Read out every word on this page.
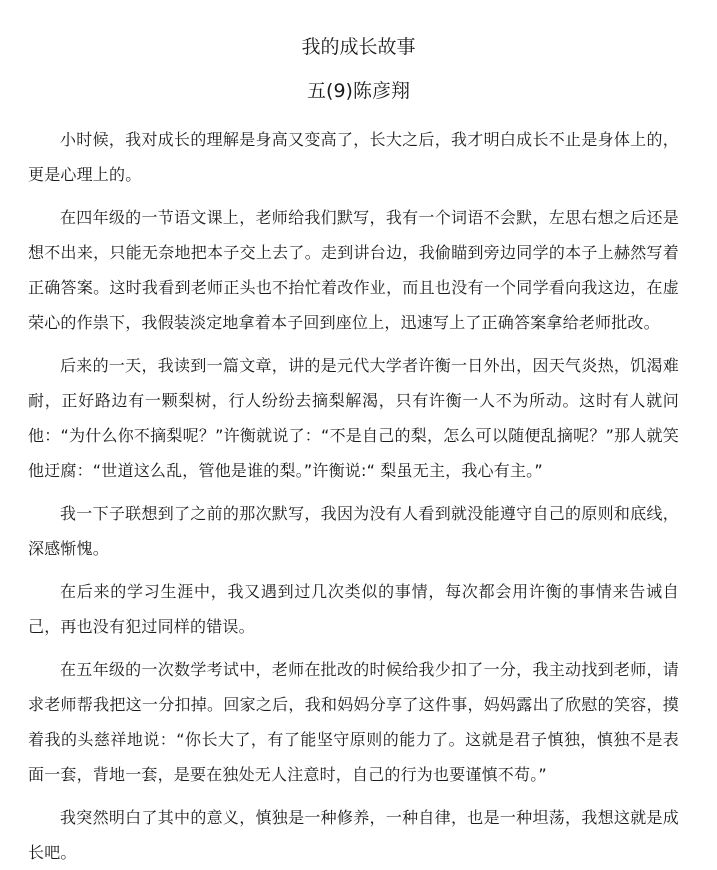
我的成长故事
五(9)陈彦翔

小时候，我对成长的理解是身高又变高了，长大之后，我才明白成长不止是身体上的，更是心理上的。

在四年级的一节语文课上，老师给我们默写，我有一个词语不会默，左思右想之后还是想不出来，只能无奈地把本子交上去了。走到讲台边，我偷瞄到旁边同学的本子上赫然写着正确答案。这时我看到老师正头也不抬忙着改作业，而且也没有一个同学看向我这边，在虚荣心的作祟下，我假装淡定地拿着本子回到座位上，迅速写上了正确答案拿给老师批改。

后来的一天，我读到一篇文章，讲的是元代大学者许衡一日外出，因天气炎热，饥渴难耐，正好路边有一颗梨树，行人纷纷去摘梨解渴，只有许衡一人不为所动。这时有人就问他：“为什么你不摘梨呢？”许衡就说了：“不是自己的梨，怎么可以随便乱摘呢？”那人就笑他迂腐：“世道这么乱，管他是谁的梨。”许衡说:“ 梨虽无主，我心有主。”

我一下子联想到了之前的那次默写，我因为没有人看到就没能遵守自己的原则和底线，深感惭愧。

在后来的学习生涯中，我又遇到过几次类似的事情，每次都会用许衡的事情来告诫自己，再也没有犯过同样的错误。

在五年级的一次数学考试中，老师在批改的时候给我少扣了一分，我主动找到老师，请求老师帮我把这一分扣掉。回家之后，我和妈妈分享了这件事，妈妈露出了欣慰的笑容，摸着我的头慈祥地说：“你长大了，有了能坚守原则的能力了。这就是君子慎独，慎独不是表面一套，背地一套，是要在独处无人注意时，自己的行为也要谨慎不苟。”

我突然明白了其中的意义，慎独是一种修养，一种自律，也是一种坦荡，我想这就是成长吧。
